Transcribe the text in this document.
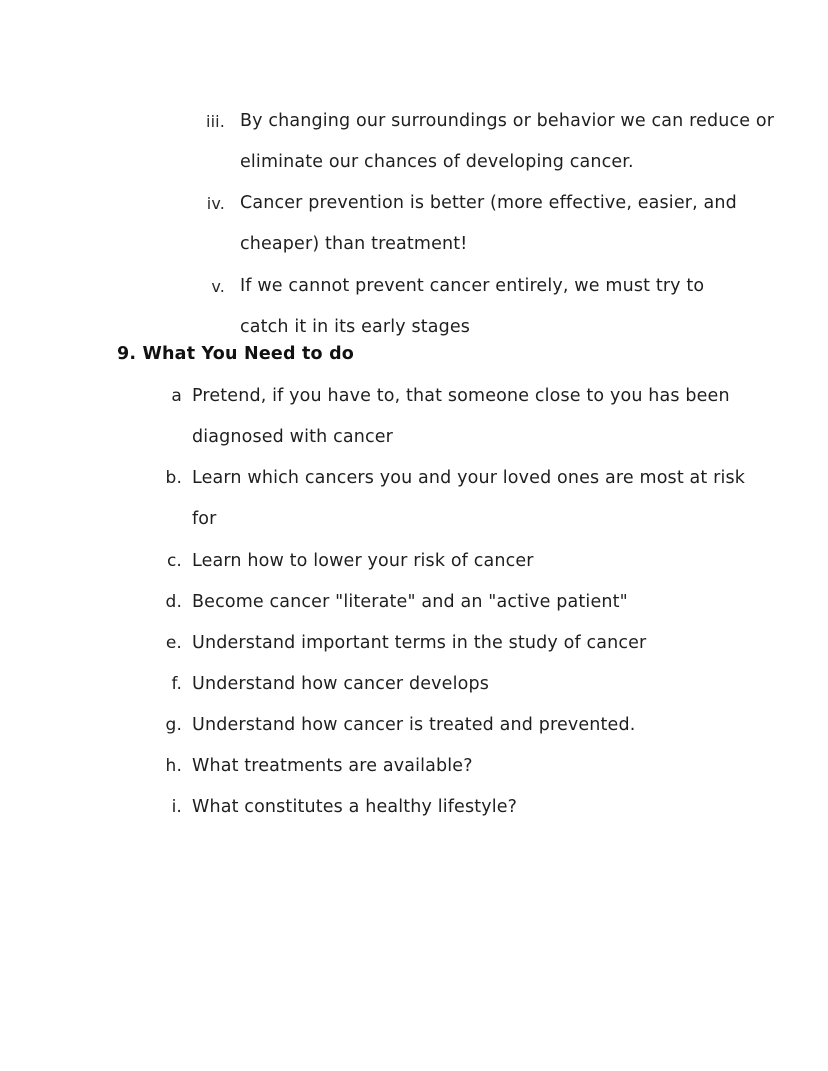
iii. By changing our surroundings or behavior we can reduce or
eliminate our chances of developing cancer.
iv. Cancer prevention is better (more effective, easier, and
cheaper) than treatment!
v. If we cannot prevent cancer entirely, we must try to
catch it in its early stages
9. What You Need to do
a Pretend, if you have to, that someone close to you has been
diagnosed with cancer
b. Learn which cancers you and your loved ones are most at risk
for
c. Learn how to lower your risk of cancer
d. Become cancer "literate" and an "active patient"
e. Understand important terms in the study of cancer
f. Understand how cancer develops
g. Understand how cancer is treated and prevented.
h. What treatments are available?
i. What constitutes a healthy lifestyle?
